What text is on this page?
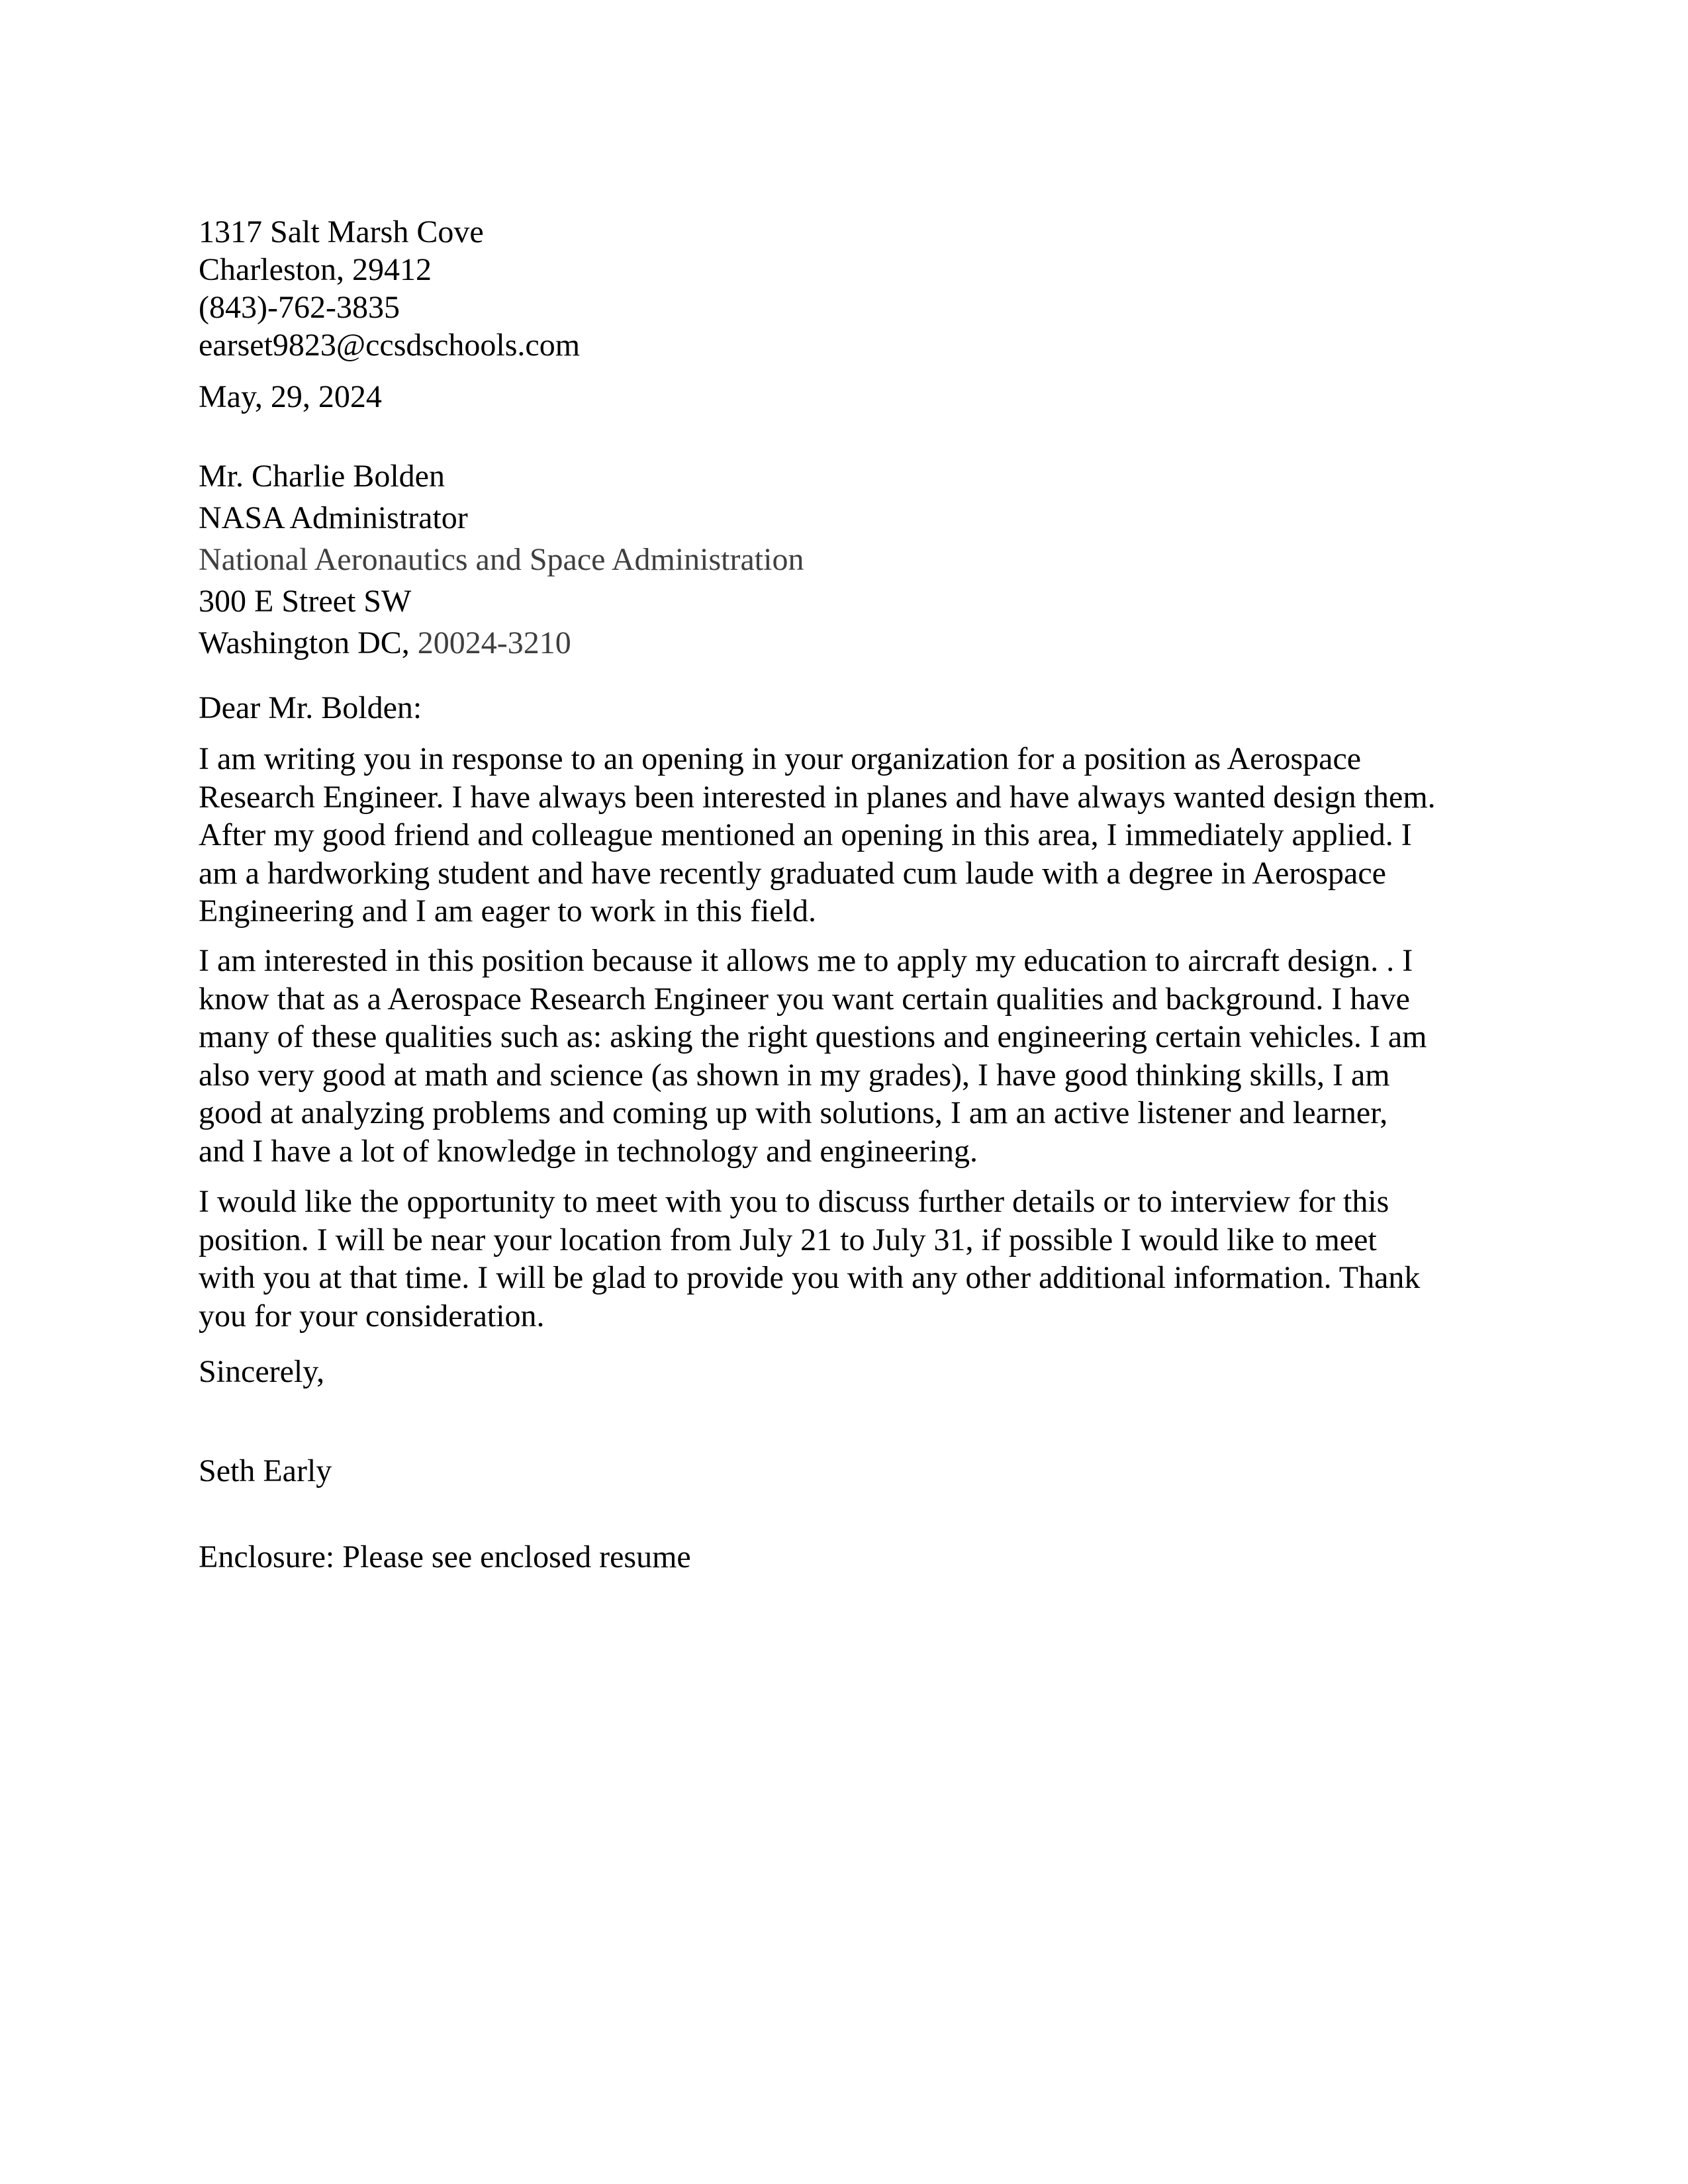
1317 Salt Marsh Cove
Charleston, 29412
(843)-762-3835
earset9823@ccsdschools.com
May, 29, 2024
Mr. Charlie Bolden
NASA Administrator
National Aeronautics and Space Administration
300 E Street SW
Washington DC, 20024-3210
Dear Mr. Bolden:
I am writing you in response to an opening in your organization for a position as Aerospace
Research Engineer. I have always been interested in planes and have always wanted design them.
After my good friend and colleague mentioned an opening in this area, I immediately applied. I
am a hardworking student and have recently graduated cum laude with a degree in Aerospace
Engineering and I am eager to work in this field.
I am interested in this position because it allows me to apply my education to aircraft design. . I
know that as a Aerospace Research Engineer you want certain qualities and background. I have
many of these qualities such as: asking the right questions and engineering certain vehicles. I am
also very good at math and science (as shown in my grades), I have good thinking skills, I am
good at analyzing problems and coming up with solutions, I am an active listener and learner,
and I have a lot of knowledge in technology and engineering.
I would like the opportunity to meet with you to discuss further details or to interview for this
position. I will be near your location from July 21 to July 31, if possible I would like to meet
with you at that time. I will be glad to provide you with any other additional information. Thank
you for your consideration.
Sincerely,
Seth Early
Enclosure: Please see enclosed resume
